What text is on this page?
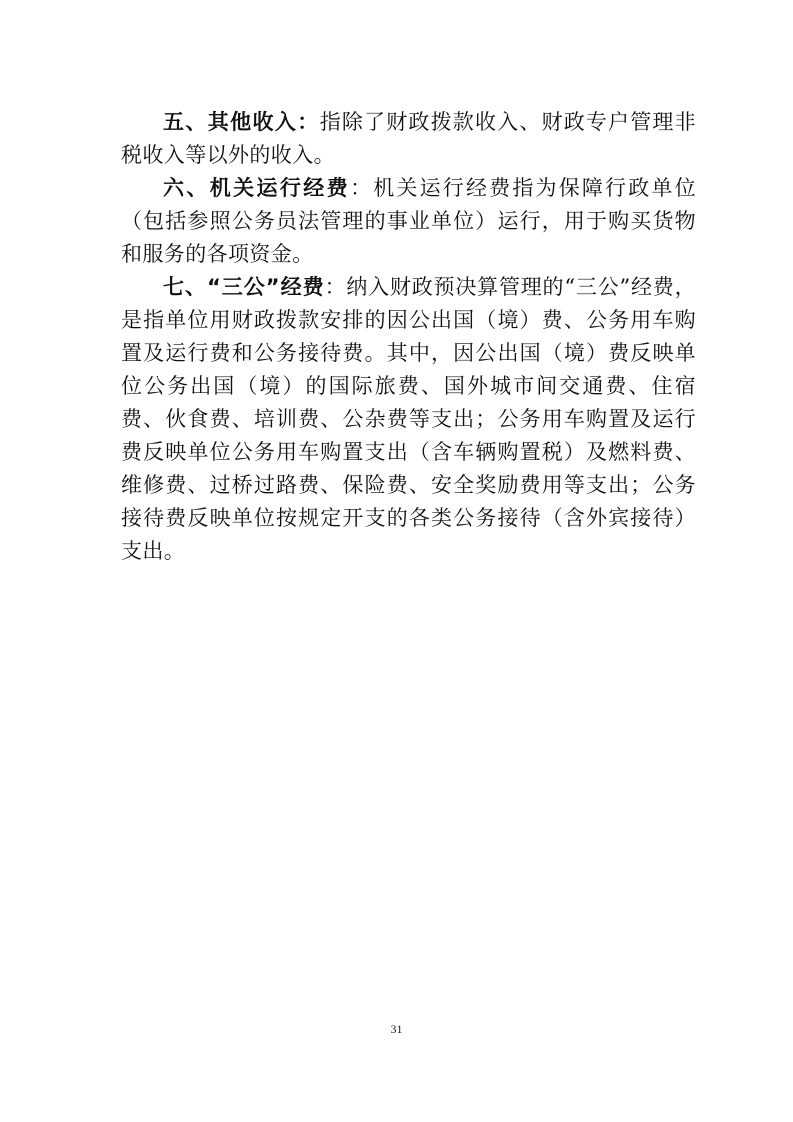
五、其他收入：指除了财政拨款收入、财政专户管理非税收入等以外的收入。

六、机关运行经费：机关运行经费指为保障行政单位（包括参照公务员法管理的事业单位）运行，用于购买货物和服务的各项资金。

七、“三公”经费：纳入财政预决算管理的“三公”经费，是指单位用财政拨款安排的因公出国（境）费、公务用车购置及运行费和公务接待费。其中，因公出国（境）费反映单位公务出国（境）的国际旅费、国外城市间交通费、住宿费、伙食费、培训费、公杂费等支出；公务用车购置及运行费反映单位公务用车购置支出（含车辆购置税）及燃料费、维修费、过桥过路费、保险费、安全奖励费用等支出；公务接待费反映单位按规定开支的各类公务接待（含外宾接待）支出。

31
